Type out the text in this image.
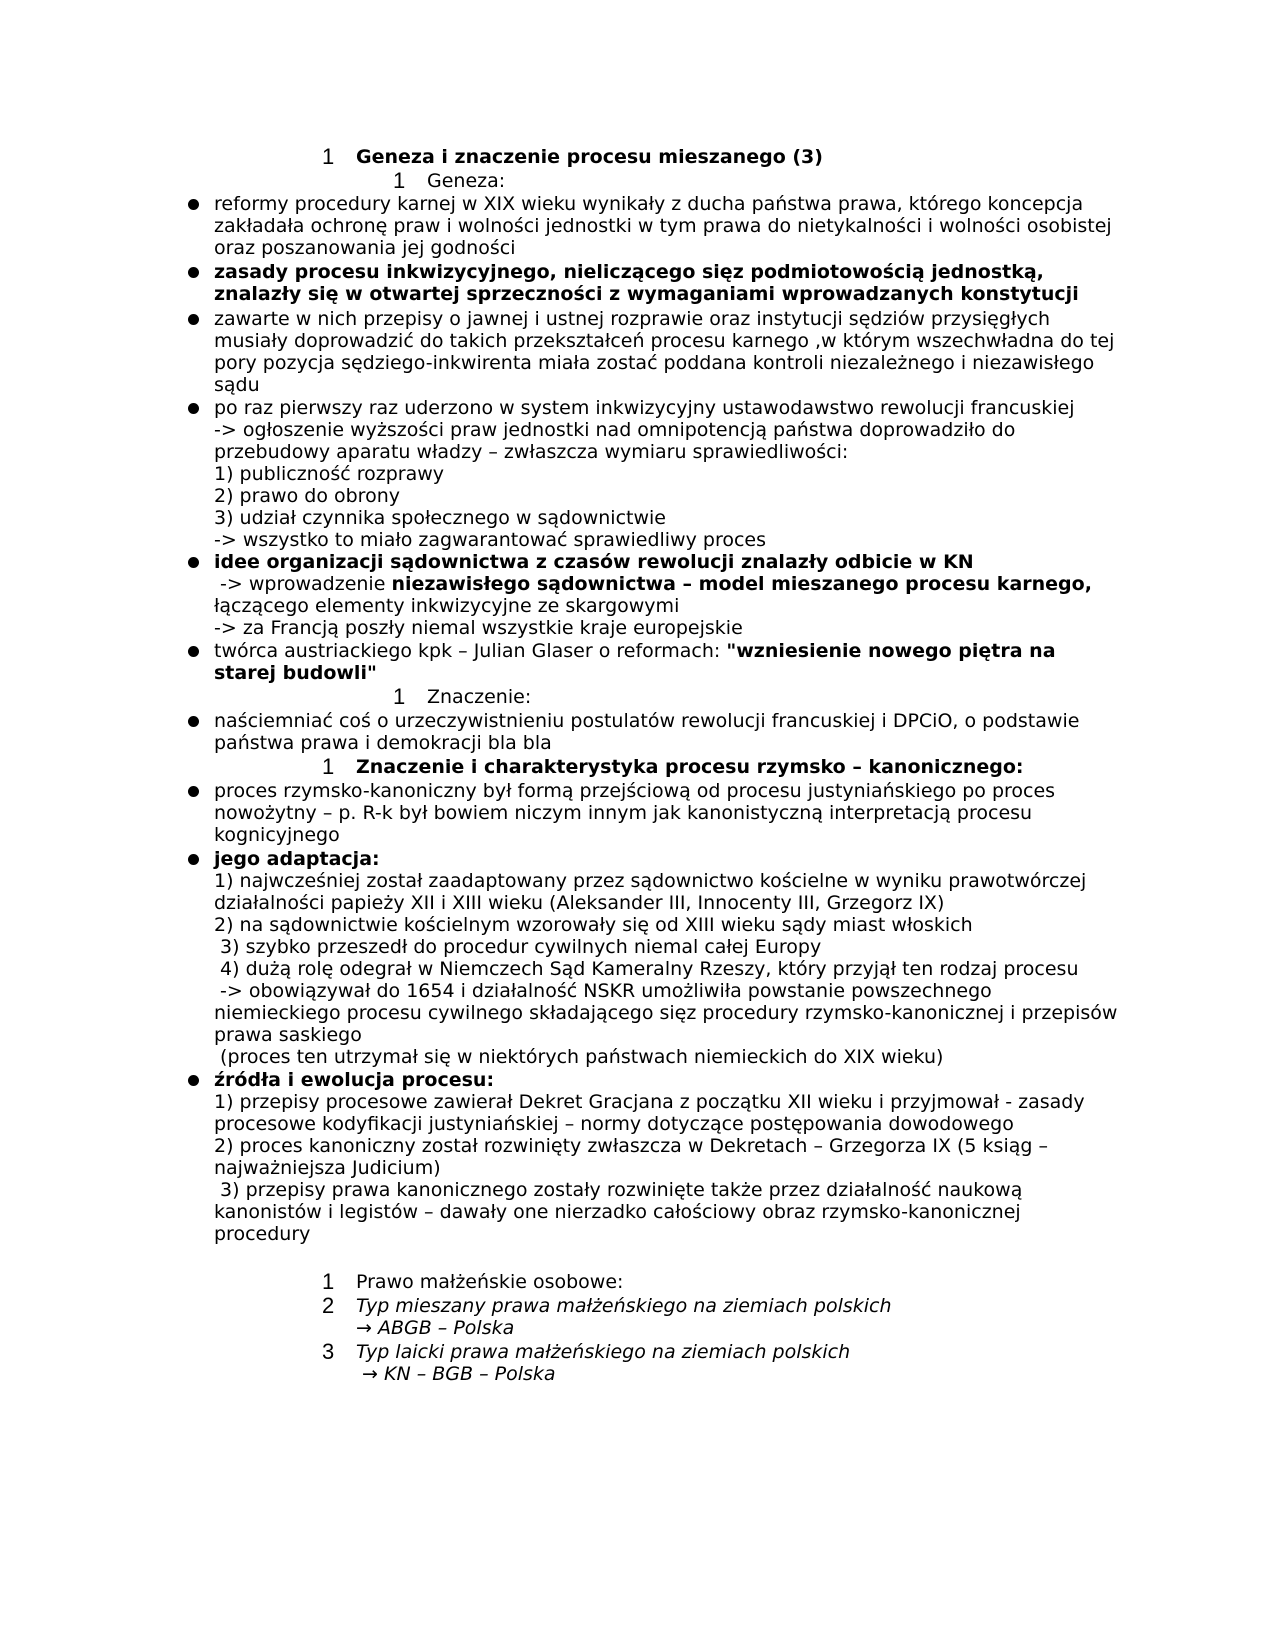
1 Geneza i znaczenie procesu mieszanego (3)
1 Geneza:
reformy procedury karnej w XIX wieku wynikały z ducha państwa prawa, którego koncepcja
zakładała ochronę praw i wolności jednostki w tym prawa do nietykalności i wolności osobistej
oraz poszanowania jej godności
zasady procesu inkwizycyjnego, nieliczącego sięz podmiotowością jednostką,
znalazły się w otwartej sprzeczności z wymaganiami wprowadzanych konstytucji
zawarte w nich przepisy o jawnej i ustnej rozprawie oraz instytucji sędziów przysięgłych
musiały doprowadzić do takich przekształceń procesu karnego ,w którym wszechwładna do tej
pory pozycja sędziego-inkwirenta miała zostać poddana kontroli niezależnego i niezawisłego
sądu
po raz pierwszy raz uderzono w system inkwizycyjny ustawodawstwo rewolucji francuskiej
-> ogłoszenie wyższości praw jednostki nad omnipotencją państwa doprowadziło do
przebudowy aparatu władzy – zwłaszcza wymiaru sprawiedliwości:
1) publiczność rozprawy
2) prawo do obrony
3) udział czynnika społecznego w sądownictwie
-> wszystko to miało zagwarantować sprawiedliwy proces
idee organizacji sądownictwa z czasów rewolucji znalazły odbicie w KN
-> wprowadzenie niezawisłego sądownictwa – model mieszanego procesu karnego,
łączącego elementy inkwizycyjne ze skargowymi
-> za Francją poszły niemal wszystkie kraje europejskie
twórca austriackiego kpk – Julian Glaser o reformach: "wzniesienie nowego piętra na
starej budowli"
1 Znaczenie:
naściemniać coś o urzeczywistnieniu postulatów rewolucji francuskiej i DPCiO, o podstawie
państwa prawa i demokracji bla bla
1 Znaczenie i charakterystyka procesu rzymsko – kanonicznego:
proces rzymsko-kanoniczny był formą przejściową od procesu justyniańskiego po proces
nowożytny – p. R-k był bowiem niczym innym jak kanonistyczną interpretacją procesu
kognicyjnego
jego adaptacja:
1) najwcześniej został zaadaptowany przez sądownictwo kościelne w wyniku prawotwórczej
działalności papieży XII i XIII wieku (Aleksander III, Innocenty III, Grzegorz IX)
2) na sądownictwie kościelnym wzorowały się od XIII wieku sądy miast włoskich
3) szybko przeszedł do procedur cywilnych niemal całej Europy
4) dużą rolę odegrał w Niemczech Sąd Kameralny Rzeszy, który przyjął ten rodzaj procesu
-> obowiązywał do 1654 i działalność NSKR umożliwiła powstanie powszechnego
niemieckiego procesu cywilnego składającego sięz procedury rzymsko-kanonicznej i przepisów
prawa saskiego
(proces ten utrzymał się w niektórych państwach niemieckich do XIX wieku)
źródła i ewolucja procesu:
1) przepisy procesowe zawierał Dekret Gracjana z początku XII wieku i przyjmował - zasady
procesowe kodyfikacji justyniańskiej – normy dotyczące postępowania dowodowego
2) proces kanoniczny został rozwinięty zwłaszcza w Dekretach – Grzegorza IX (5 ksiąg –
najważniejsza Judicium)
3) przepisy prawa kanonicznego zostały rozwinięte także przez działalność naukową
kanonistów i legistów – dawały one nierzadko całościowy obraz rzymsko-kanonicznej
procedury
1 Prawo małżeńskie osobowe:
2 Typ mieszany prawa małżeńskiego na ziemiach polskich
→ ABGB – Polska
3 Typ laicki prawa małżeńskiego na ziemiach polskich
→ KN – BGB – Polska
